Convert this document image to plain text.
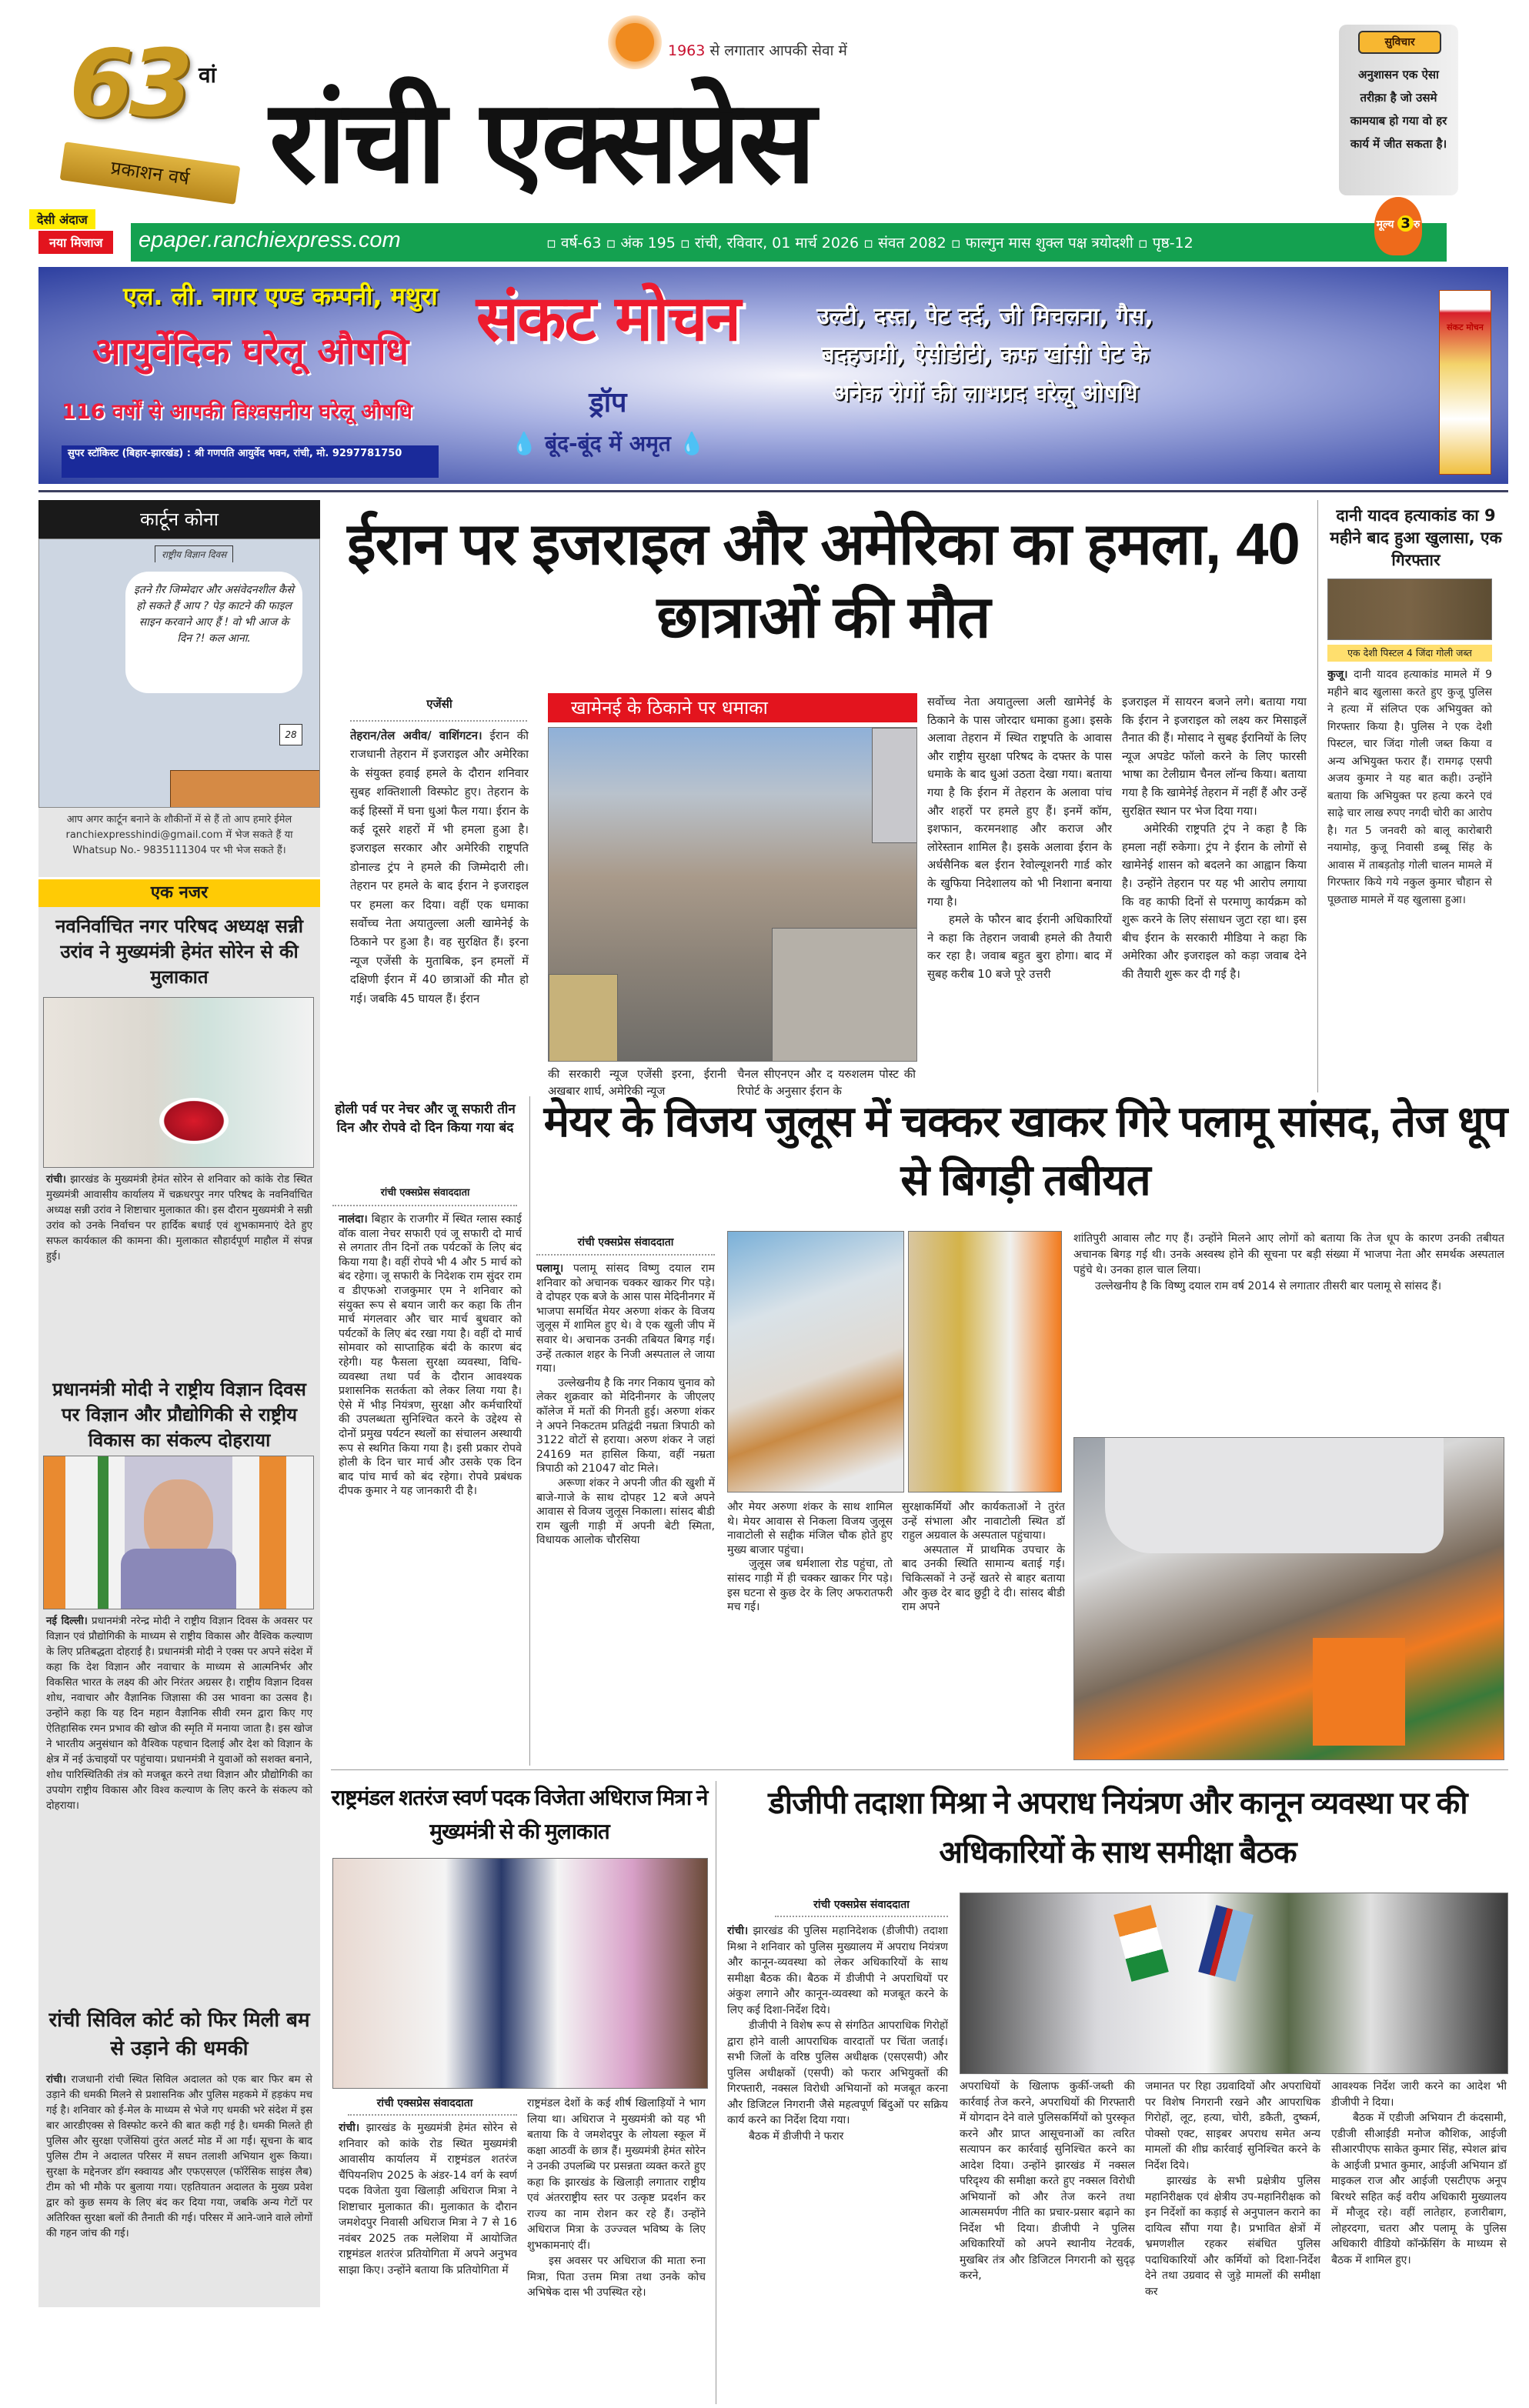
63 वां
प्रकाशन वर्ष
देसी अंदाज
नया मिजाज
1963 से लगातार आपकी सेवा में
रांची एक्सप्रेस
सुविचार
अनुशासन एक ऐसा तरीक़ा है जो उसमे कामयाब हो गया वो हर कार्य में जीत सकता है।
epaper.ranchiexpress.com	▫ वर्ष-63 ▫ अंक 195 ▫ रांची, रविवार, 01 मार्च 2026 ▫ संवत 2082 ▫ फाल्गुन मास शुक्ल पक्ष त्रयोदशी ▫ पृष्ठ-12
मूल्य 3 रु
एल. ली. नागर एण्ड कम्पनी, मथुरा
आयुर्वेदिक घरेलू औषधि
116 वर्षों से आपकी विश्वसनीय घरेलू औषधि
सुपर स्टॉकिस्ट (बिहार-झारखंड) : श्री गणपति आयुर्वेद भवन, रांची, मो. 9297781750
संकट मोचन
ड्रॉप
💧 बूंद-बूंद में अमृत 💧
उल्टी, दस्त, पेट दर्द, जी मिचलना, गैस, बदहजमी, ऐसीडीटी, कफ खांसी पेट के अनेक रोगों की लाभप्रद घरेलू ओषधि
संकट मोचन
कार्टून कोना
राष्ट्रीय विज्ञान दिवस
इतने ग़ैर जिम्मेदार और असंवेदनशील कैसे हो सकते हैं आप ? पेड़ काटने की फाइल साइन करवाने आए हैं ! वो भी आज के दिन ?! कल आना.
28
आप अगर कार्टून बनाने के शौकीनों में से हैं तो आप हमारे ईमेल ranchiexpresshindi@gmail.com में भेज सकते हैं या Whatsup No.- 9835111304 पर भी भेज सकते हैं।
एक नजर
नवनिर्वाचित नगर परिषद अध्यक्ष सन्नी उरांव ने मुख्यमंत्री हेमंत सोरेन से की मुलाकात
रांची। झारखंड के मुख्यमंत्री हेमंत सोरेन से शनिवार को कांके रोड स्थित मुख्यमंत्री आवासीय कार्यालय में चक्रधरपुर नगर परिषद के नवनिर्वाचित अध्यक्ष सन्नी उरांव ने शिष्टाचार मुलाकात की। इस दौरान मुख्यमंत्री ने सन्नी उरांव को उनके निर्वाचन पर हार्दिक बधाई एवं शुभकामनाएं देते हुए सफल कार्यकाल की कामना की। मुलाकात सौहार्दपूर्ण माहौल में संपन्न हुई।
प्रधानमंत्री मोदी ने राष्ट्रीय विज्ञान दिवस पर विज्ञान और प्रौद्योगिकी से राष्ट्रीय विकास का संकल्प दोहराया
नई दिल्ली। प्रधानमंत्री नरेन्द्र मोदी ने राष्ट्रीय विज्ञान दिवस के अवसर पर विज्ञान एवं प्रौद्योगिकी के माध्यम से राष्ट्रीय विकास और वैश्विक कल्याण के लिए प्रतिबद्धता दोहराई है। प्रधानमंत्री मोदी ने एक्स पर अपने संदेश में कहा कि देश विज्ञान और नवाचार के माध्यम से आत्मनिर्भर और विकसित भारत के लक्ष्य की ओर निरंतर अग्रसर है। राष्ट्रीय विज्ञान दिवस शोध, नवाचार और वैज्ञानिक जिज्ञासा की उस भावना का उत्सव है। उन्होंने कहा कि यह दिन महान वैज्ञानिक सीवी रमन द्वारा किए गए ऐतिहासिक रमन प्रभाव की खोज की स्मृति में मनाया जाता है। इस खोज ने भारतीय अनुसंधान को वैश्विक पहचान दिलाई और देश को विज्ञान के क्षेत्र में नई ऊंचाइयों पर पहुंचाया। प्रधानमंत्री ने युवाओं को सशक्त बनाने, शोध पारिस्थितिकी तंत्र को मजबूत करने तथा विज्ञान और प्रौद्योगिकी का उपयोग राष्ट्रीय विकास और विश्व कल्याण के लिए करने के संकल्प को दोहराया।
रांची सिविल कोर्ट को फिर मिली बम से उड़ाने की धमकी
रांची। राजधानी रांची स्थित सिविल अदालत को एक बार फिर बम से उड़ाने की धमकी मिलने से प्रशासनिक और पुलिस महकमे में हड़कंप मच गई है। शनिवार को ई-मेल के माध्यम से भेजे गए धमकी भरे संदेश में इस बार आरडीएक्स से विस्फोट करने की बात कही गई है। धमकी मिलते ही पुलिस और सुरक्षा एजेंसियां तुरंत अलर्ट मोड में आ गईं। सूचना के बाद पुलिस टीम ने अदालत परिसर में सघन तलाशी अभियान शुरू किया। सुरक्षा के मद्देनजर डॉग स्क्वायड और एफएसएल (फॉरेंसिक साइंस लैब) टीम को भी मौके पर बुलाया गया। एहतियातन अदालत के मुख्य प्रवेश द्वार को कुछ समय के लिए बंद कर दिया गया, जबकि अन्य गेटों पर अतिरिक्त सुरक्षा बलों की तैनाती की गई। परिसर में आने-जाने वाले लोगों की गहन जांच की गई।
ईरान पर इजराइल और अमेरिका का हमला, 40 छात्राओं की मौत
एजेंसी
तेहरान/तेल अवीव/ वाशिंगटन। ईरान की राजधानी तेहरान में इजराइल और अमेरिका के संयुक्त हवाई हमले के दौरान शनिवार सुबह शक्तिशाली विस्फोट हुए। तेहरान के कई हिस्सों में घना धुआं फैल गया। ईरान के कई दूसरे शहरों में भी हमला हुआ है। इजराइल सरकार और अमेरिकी राष्ट्रपति डोनाल्ड ट्रंप ने हमले की जिम्मेदारी ली। तेहरान पर हमले के बाद ईरान ने इजराइल पर हमला कर दिया। वहीं एक धमाका सर्वोच्च नेता अयातुल्ला अली खामेनेई के ठिकाने पर हुआ है। वह सुरक्षित हैं। इरना न्यूज एजेंसी के मुताबिक, इन हमलों में दक्षिणी ईरान में 40 छात्राओं की मौत हो गई। जबकि 45 घायल हैं। ईरान
खामेनई के ठिकाने पर धमाका
की सरकारी न्यूज एजेंसी इरना, ईरानी अखबार शार्घ, अमेरिकी न्यूज
चैनल सीएनएन और द यरुशलम पोस्ट की रिपोर्ट के अनुसार ईरान के
सर्वोच्च नेता अयातुल्ला अली खामेनेई के ठिकाने के पास जोरदार धमाका हुआ। इसके अलावा तेहरान में स्थित राष्ट्रपति के आवास और राष्ट्रीय सुरक्षा परिषद के दफ्तर के पास धमाके के बाद धुआं उठता देखा गया। बताया गया है कि ईरान में तेहरान के अलावा पांच और शहरों पर हमले हुए हैं। इनमें कॉम, इशफान, करमनशाह और कराज और लोरेस्तान शामिल है। इसके अलावा ईरान के अर्धसैनिक बल ईरान रेवोल्यूशनरी गार्ड कोर के खुफिया निदेशालय को भी निशाना बनाया गया है।
हमले के फौरन बाद ईरानी अधिकारियों ने कहा कि तेहरान जवाबी हमले की तैयारी कर रहा है। जवाब बहुत बुरा होगा। बाद में सुबह करीब 10 बजे पूरे उत्तरी
इजराइल में सायरन बजने लगे। बताया गया कि ईरान ने इजराइल को लक्ष्य कर मिसाइलें तैनात की हैं। मोसाद ने सुबह ईरानियों के लिए न्यूज अपडेट फॉलो करने के लिए फारसी भाषा का टेलीग्राम चैनल लॉन्च किया। बताया गया है कि खामेनेई तेहरान में नहीं हैं और उन्हें सुरक्षित स्थान पर भेज दिया गया।
अमेरिकी राष्ट्रपति ट्रंप ने कहा है कि हमला नहीं रुकेगा। ट्रंप ने ईरान के लोगों से खामेनेई शासन को बदलने का आह्वान किया है। उन्होंने तेहरान पर यह भी आरोप लगाया कि वह काफी दिनों से परमाणु कार्यक्रम को शुरू करने के लिए संसाधन जुटा रहा था। इस बीच ईरान के सरकारी मीडिया ने कहा कि अमेरिका और इजराइल को कड़ा जवाब देने की तैयारी शुरू कर दी गई है।
दानी यादव हत्याकांड का 9 महीने बाद हुआ खुलासा, एक गिरफ्तार
एक देशी पिस्टल 4 जिंदा गोली जब्त
कुजू। दानी यादव हत्याकांड मामले में 9 महीने बाद खुलासा करते हुए कुजू पुलिस ने हत्या में संलिप्त एक अभियुक्त को गिरफ्तार किया है। पुलिस ने एक देशी पिस्टल, चार जिंदा गोली जब्त किया व अन्य अभियुक्त फरार हैं। रामगढ़ एसपी अजय कुमार ने यह बात कही। उन्होंने बताया कि अभियुक्त पर हत्या करने एवं साढ़े चार लाख रुपए नगदी चोरी का आरोप है। गत 5 जनवरी को बालू कारोबारी नयामोड़, कुजू निवासी डब्बू सिंह के आवास में ताबड़तोड़ गोली चालन मामले में गिरफ्तार किये गये नकुल कुमार चौहान से पूछताछ मामले में यह खुलासा हुआ।
होली पर्व पर नेचर और जू सफारी तीन दिन और रोपवे दो दिन किया गया बंद
रांची एक्सप्रेस संवाददाता
नालंदा। बिहार के राजगीर में स्थित ग्लास स्काई वॉक वाला नेचर सफारी एवं जू सफारी दो मार्च से लगतार तीन दिनों तक पर्यटकों के लिए बंद किया गया है। वहीं रोपवे भी 4 और 5 मार्च को बंद रहेगा। जू सफारी के निदेशक राम सुंदर राम व डीएफओ राजकुमार एम ने शनिवार को संयुक्त रूप से बयान जारी कर कहा कि तीन मार्च मंगलवार और चार मार्च बुधवार को पर्यटकों के लिए बंद रखा गया है। वहीं दो मार्च सोमवार को साप्ताहिक बंदी के कारण बंद रहेगी। यह फैसला सुरक्षा व्यवस्था, विधि-व्यवस्था तथा पर्व के दौरान आवश्यक प्रशासनिक सतर्कता को लेकर लिया गया है। ऐसे में भीड़ नियंत्रण, सुरक्षा और कर्मचारियों की उपलब्धता सुनिश्चित करने के उद्देश्य से दोनों प्रमुख पर्यटन स्थलों का संचालन अस्थायी रूप से स्थगित किया गया है। इसी प्रकार रोपवे होली के दिन चार मार्च और उसके एक दिन बाद पांच मार्च को बंद रहेगा। रोपवे प्रबंधक दीपक कुमार ने यह जानकारी दी है।
मेयर के विजय जुलूस में चक्कर खाकर गिरे पलामू सांसद, तेज धूप से बिगड़ी तबीयत
रांची एक्सप्रेस संवाददाता
पलामू। पलामू सांसद विष्णु दयाल राम शनिवार को अचानक चक्कर खाकर गिर पड़े। वे दोपहर एक बजे के आस पास मेदिनीनगर में भाजपा समर्थित मेयर अरुणा शंकर के विजय जुलूस में शामिल हुए थे। वे एक खुली जीप में सवार थे। अचानक उनकी तबियत बिगड़ गई। उन्हें तत्काल शहर के निजी अस्पताल ले जाया गया।
उल्लेखनीय है कि नगर निकाय चुनाव को लेकर शुक्रवार को मेदिनीनगर के जीएलए कॉलेज में मतों की गिनती हुई। अरुणा शंकर ने अपने निकटतम प्रतिद्वंदी नम्रता त्रिपाठी को 3122 वोटों से हराया। अरुण शंकर ने जहां 24169 मत हासिल किया, वहीं नम्रता त्रिपाठी को 21047 वोट मिले।
अरूणा शंकर ने अपनी जीत की खुशी में बाजे-गाजे के साथ दोपहर 12 बजे अपने आवास से विजय जुलूस निकाला। सांसद बीडी राम खुली गाड़ी में अपनी बेटी स्मिता, विधायक आलोक चौरसिया
और मेयर अरुणा शंकर के साथ शामिल थे। मेयर आवास से निकला विजय जुलूस नावाटोली से सद्दीक मंजिल चौक होते हुए मुख्य बाजार पहुंचा।
जुलूस जब धर्मशाला रोड पहुंचा, तो सांसद गाड़ी में ही चक्कर खाकर गिर पड़े। इस घटना से कुछ देर के लिए अफरातफरी मच गई।
सुरक्षाकर्मियों और कार्यकताओं ने तुरंत उन्हें संभाला और नावाटोली स्थित डॉ राहुल अग्रवाल के अस्पताल पहुंचाया।
अस्पताल में प्राथमिक उपचार के बाद उनकी स्थिति सामान्य बताई गई। चिकित्सकों ने उन्हें खतरे से बाहर बताया और कुछ देर बाद छुट्टी दे दी। सांसद बीडी राम अपने
शांतिपुरी आवास लौट गए हैं। उन्होंने मिलने आए लोगों को बताया कि तेज धूप के कारण उनकी तबीयत अचानक बिगड़ गई थी। उनके अस्वस्थ होने की सूचना पर बड़ी संख्या में भाजपा नेता और समर्थक अस्पताल पहुंचे थे। उनका हाल चाल लिया।
उल्लेखनीय है कि विष्णु दयाल राम वर्ष 2014 से लगातार तीसरी बार पलामू से सांसद हैं।
राष्ट्रमंडल शतरंज स्वर्ण पदक विजेता अधिराज मित्रा ने मुख्यमंत्री से की मुलाकात
रांची एक्सप्रेस संवाददाता
रांची। झारखंड के मुख्यमंत्री हेमंत सोरेन से शनिवार को कांके रोड स्थित मुख्यमंत्री आवासीय कार्यालय में राष्ट्रमंडल शतरंज चैंपियनशिप 2025 के अंडर-14 वर्ग के स्वर्ण पदक विजेता युवा खिलाड़ी अधिराज मित्रा ने शिष्टाचार मुलाकात की। मुलाकात के दौरान जमशेदपुर निवासी अधिराज मित्रा ने 7 से 16 नवंबर 2025 तक मलेशिया में आयोजित राष्ट्रमंडल शतरंज प्रतियोगिता में अपने अनुभव साझा किए। उन्होंने बताया कि प्रतियोगिता में
राष्ट्रमंडल देशों के कई शीर्ष खिलाड़ियों ने भाग लिया था। अधिराज ने मुख्यमंत्री को यह भी बताया कि वे जमशेदपुर के लोयला स्कूल में कक्षा आठवीं के छात्र हैं। मुख्यमंत्री हेमंत सोरेन ने उनकी उपलब्धि पर प्रसन्नता व्यक्त करते हुए कहा कि झारखंड के खिलाड़ी लगातार राष्ट्रीय एवं अंतरराष्ट्रीय स्तर पर उत्कृष्ट प्रदर्शन कर राज्य का नाम रोशन कर रहे हैं। उन्होंने अधिराज मित्रा के उज्ज्वल भविष्य के लिए शुभकामनाएं दीं।
इस अवसर पर अधिराज की माता रुना मित्रा, पिता उत्तम मित्रा तथा उनके कोच अभिषेक दास भी उपस्थित रहे।
डीजीपी तदाशा मिश्रा ने अपराध नियंत्रण और कानून व्यवस्था पर की अधिकारियों के साथ समीक्षा बैठक
रांची एक्सप्रेस संवाददाता
रांची। झारखंड की पुलिस महानिदेशक (डीजीपी) तदाशा मिश्रा ने शनिवार को पुलिस मुख्यालय में अपराध नियंत्रण और कानून-व्यवस्था को लेकर अधिकारियों के साथ समीक्षा बैठक की। बैठक में डीजीपी ने अपराधियों पर अंकुश लगाने और कानून-व्यवस्था को मजबूत करने के लिए कई दिशा-निर्देश दिये।
डीजीपी ने विशेष रूप से संगठित आपराधिक गिरोहों द्वारा होने वाली आपराधिक वारदातों पर चिंता जताई। सभी जिलों के वरिष्ठ पुलिस अधीक्षक (एसएसपी) और पुलिस अधीक्षकों (एसपी) को फरार अभियुक्तों की गिरफ्तारी, नक्सल विरोधी अभियानों को मजबूत करना और डिजिटल निगरानी जैसे महत्वपूर्ण बिंदुओं पर सक्रिय कार्य करने का निर्देश दिया गया।
बैठक में डीजीपी ने फरार
अपराधियों के खिलाफ कुर्की-जब्ती की कार्रवाई तेज करने, अपराधियों की गिरफ्तारी में योगदान देने वाले पुलिसकर्मियों को पुरस्कृत करने और प्राप्त आसूचनाओं का त्वरित सत्यापन कर कार्रवाई सुनिश्चित करने का आदेश दिया। उन्होंने झारखंड में नक्सल परिदृश्य की समीक्षा करते हुए नक्सल विरोधी अभियानों को और तेज करने तथा आत्मसमर्पण नीति का प्रचार-प्रसार बढ़ाने का निर्देश भी दिया। डीजीपी ने पुलिस अधिकारियों को अपने स्थानीय नेटवर्क, मुखबिर तंत्र और डिजिटल निगरानी को सुदृढ़ करने,
जमानत पर रिहा उग्रवादियों और अपराधियों पर विशेष निगरानी रखने और आपराधिक गिरोहों, लूट, हत्या, चोरी, डकैती, दुष्कर्म, पोक्सो एक्ट, साइबर अपराध समेत अन्य मामलों की शीघ्र कार्रवाई सुनिश्चित करने के निर्देश दिये।
झारखंड के सभी प्रक्षेत्रीय पुलिस महानिरीक्षक एवं क्षेत्रीय उप-महानिरीक्षक को इन निर्देशों का कड़ाई से अनुपालन कराने का दायित्व सौंपा गया है। प्रभावित क्षेत्रों में भ्रमणशील रहकर संबंधित पुलिस पदाधिकारियों और कर्मियों को दिशा-निर्देश देने तथा उग्रवाद से जुड़े मामलों की समीक्षा कर
आवश्यक निर्देश जारी करने का आदेश भी डीजीपी ने दिया।
बैठक में एडीजी अभियान टी कंदसामी, एडीजी सीआईडी मनोज कौशिक, आईजी सीआरपीएफ साकेत कुमार सिंह, स्पेशल ब्रांच के आईजी प्रभात कुमार, आईजी अभियान डॉ माइकल राज और आईजी एसटीएफ अनूप बिरथरे सहित कई वरीय अधिकारी मुख्यालय में मौजूद रहे। वहीं लातेहार, हजारीबाग, लोहरदगा, चतरा और पलामू के पुलिस अधिकारी वीडियो कॉन्फ्रेंसिंग के माध्यम से बैठक में शामिल हुए।
